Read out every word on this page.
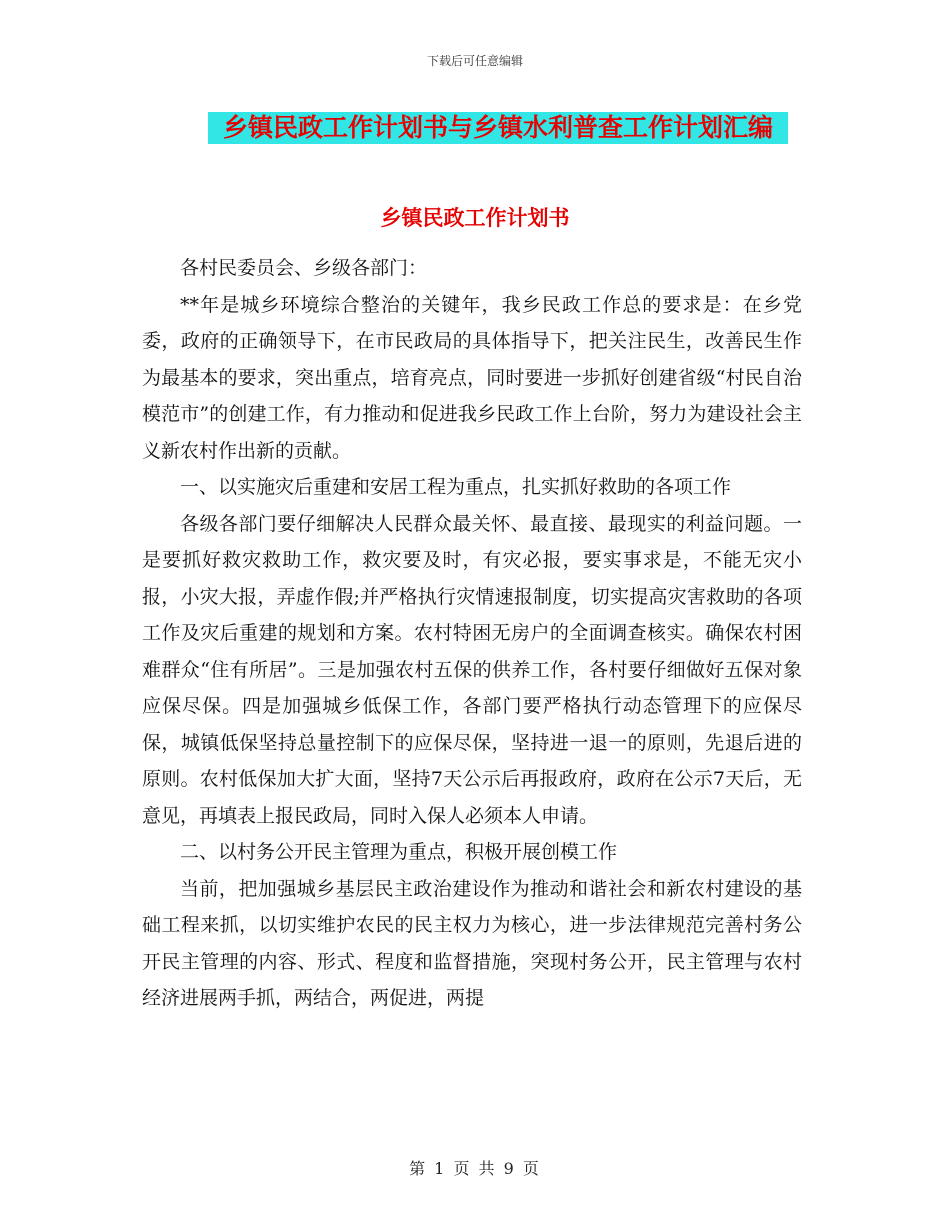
下载后可任意编辑
乡镇民政工作计划书与乡镇水利普查工作计划汇编
乡镇民政工作计划书

各村民委员会、乡级各部门：

**年是城乡环境综合整治的关键年，我乡民政工作总的要求是：在乡党委，政府的正确领导下，在市民政局的具体指导下，把关注民生，改善民生作为最基本的要求，突出重点，培育亮点，同时要进一步抓好创建省级“村民自治模范市”的创建工作，有力推动和促进我乡民政工作上台阶，努力为建设社会主义新农村作出新的贡献。

一、以实施灾后重建和安居工程为重点，扎实抓好救助的各项工作

各级各部门要仔细解决人民群众最关怀、最直接、最现实的利益问题。一是要抓好救灾救助工作，救灾要及时，有灾必报，要实事求是，不能无灾小报，小灾大报，弄虚作假;并严格执行灾情速报制度，切实提高灾害救助的各项工作及灾后重建的规划和方案。农村特困无房户的全面调查核实。确保农村困难群众“住有所居”。三是加强农村五保的供养工作，各村要仔细做好五保对象应保尽保。四是加强城乡低保工作，各部门要严格执行动态管理下的应保尽保，城镇低保坚持总量控制下的应保尽保，坚持进一退一的原则，先退后进的原则。农村低保加大扩大面，坚持7天公示后再报政府，政府在公示7天后，无意见，再填表上报民政局，同时入保人必须本人申请。

二、以村务公开民主管理为重点，积极开展创模工作

当前，把加强城乡基层民主政治建设作为推动和谐社会和新农村建设的基础工程来抓，以切实维护农民的民主权力为核心，进一步法律规范完善村务公开民主管理的内容、形式、程度和监督措施，突现村务公开，民主管理与农村经济进展两手抓，两结合，两促进，两提

第 1 页 共 9 页
